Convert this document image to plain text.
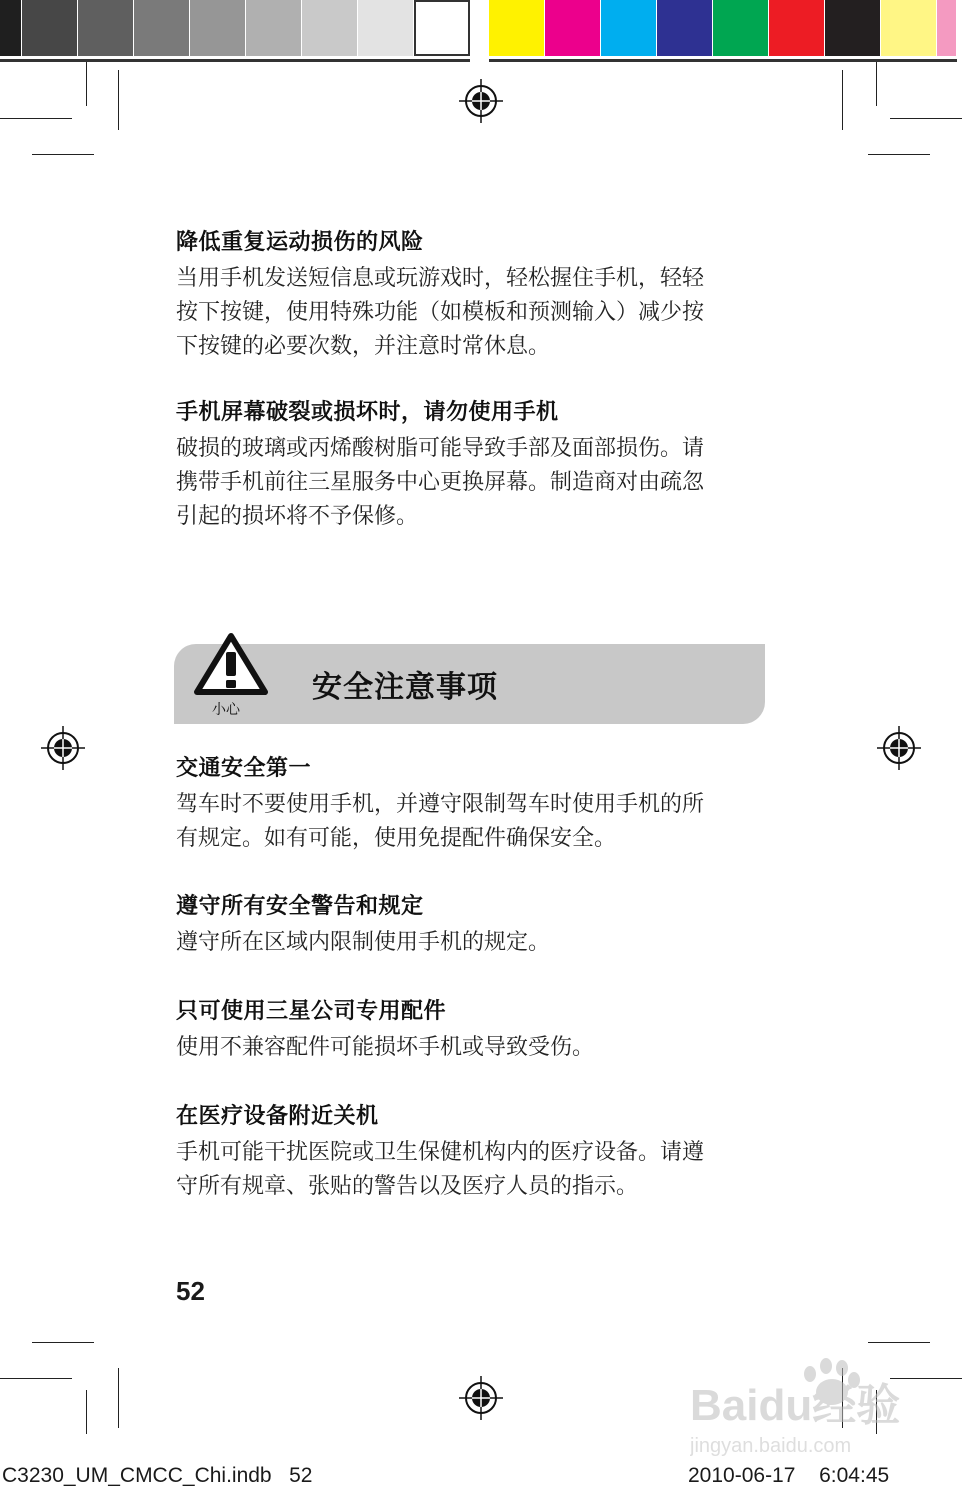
降低重复运动损伤的风险

当用手机发送短信息或玩游戏时，轻松握住手机，轻轻
按下按键，使用特殊功能（如模板和预测输入）减少按
下按键的必要次数，并注意时常休息。

手机屏幕破裂或损坏时，请勿使用手机

破损的玻璃或丙烯酸树脂可能导致手部及面部损伤。请
携带手机前往三星服务中心更换屏幕。制造商对由疏忽
引起的损坏将不予保修。

小心
安全注意事项
交通安全第一

驾车时不要使用手机，并遵守限制驾车时使用手机的所
有规定。如有可能，使用免提配件确保安全。

遵守所有安全警告和规定

遵守所在区域内限制使用手机的规定。

只可使用三星公司专用配件

使用不兼容配件可能损坏手机或导致受伤。

在医疗设备附近关机

手机可能干扰医院或卫生保健机构内的医疗设备。请遵
守所有规章、张贴的警告以及医疗人员的指示。

52
Baidu经验
jingyan.baidu.com
C3230_UM_CMCC_Chi.indb   52	2010-06-17 6:04:45
